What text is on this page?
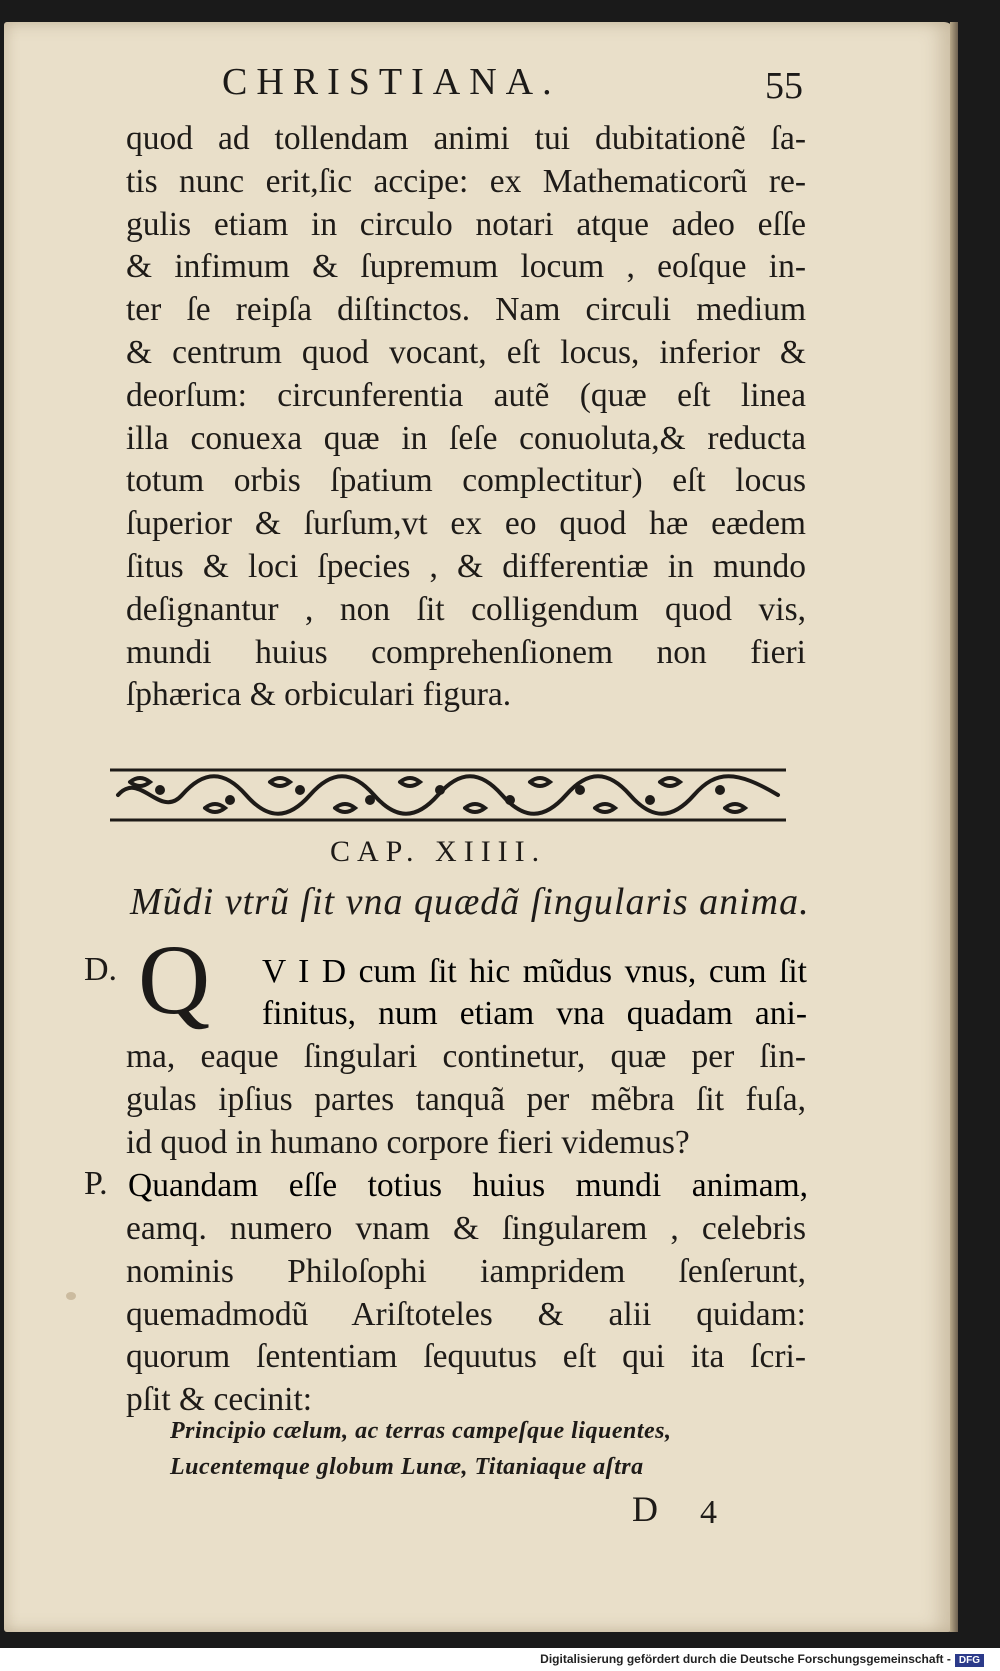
CHRISTIANA.	55
quod ad tollendam animi tui dubitationẽ ſa-
tis nunc erit,ſic accipe: ex Mathematicorũ re-
gulis etiam in circulo notari atque adeo eſſe
& infimum & ſupremum locum , eoſque in-
ter ſe reipſa diſtinctos. Nam circuli medium
& centrum quod vocant, eſt locus, inferior &
deorſum: circunferentia autẽ (quæ eſt linea
illa conuexa quæ in ſeſe conuoluta,& reducta
totum orbis ſpatium complectitur) eſt locus
ſuperior & ſurſum,vt ex eo quod hæ eædem
ſitus & loci ſpecies , & differentiæ in mundo
deſignantur , non ſit colligendum quod vis,
mundi huius comprehenſionem non fieri
ſphærica & orbiculari figura.
CAP. XIIII.
Mũdi vtrũ ſit vna quædã ſingularis anima.
D. Q V I D cum ſit hic mũdus vnus, cum ſit
finitus, num etiam vna quadam ani-
ma, eaque ſingulari continetur, quæ per ſin-
gulas ipſius partes tanquã per mẽbra ſit fuſa,
id quod in humano corpore fieri videmus?
P. Quandam eſſe totius huius mundi animam,
eamq. numero vnam & ſingularem , celebris
nominis Philoſophi iampridem ſenſerunt,
quemadmodũ Ariſtoteles & alii quidam:
quorum ſententiam ſequutus eſt qui ita ſcri-
pſit & cecinit:
Principio cælum, ac terras campeſque liquentes,
Lucentemque globum Lunæ, Titaniaque aſtra
D 4
Digitalisierung gefördert durch die Deutsche Forschungsgemeinschaft - DFG
